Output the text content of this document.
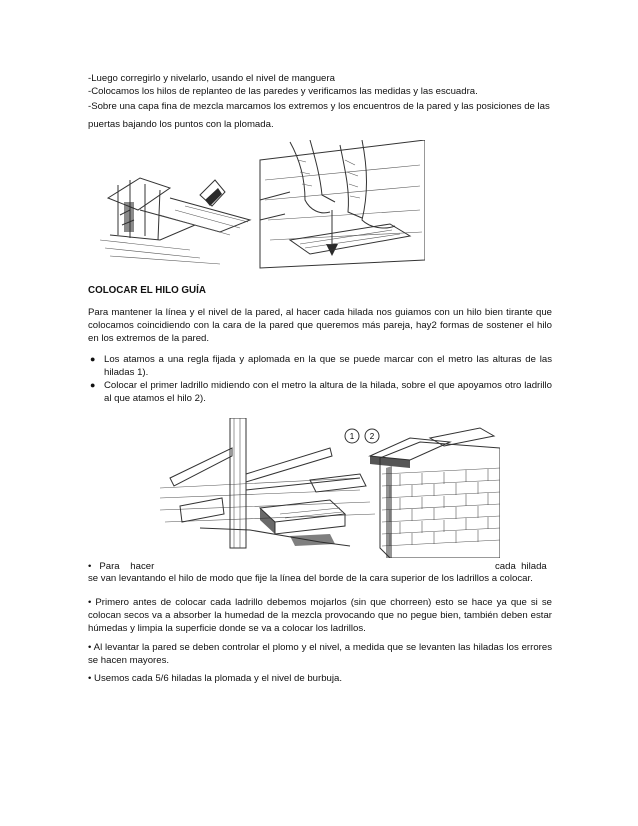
-Luego corregirlo y nivelarlo, usando el nivel de manguera
-Colocamos los hilos de replanteo de las paredes y verificamos las medidas y las escuadra.
-Sobre una capa fina de mezcla marcamos los extremos y los encuentros de la pared y las posiciones de las
puertas bajando los puntos con la plomada.
COLOCAR EL HILO GUÍA
Para mantener la línea y el nivel de la pared, al hacer cada hilada nos guiamos con un hilo bien tirante que colocamos coincidiendo con la cara de la pared que queremos más pareja, hay2 formas de sostener el hilo en los extremos de la pared.
● Los atamos a una regla fijada y aplomada en la que se puede marcar con el metro las alturas de las hiladas 1).
● Colocar el primer ladrillo midiendo con el metro la altura de la hilada, sobre el que apoyamos otro ladrillo al que atamos el hilo 2).
1 2
•   Para    hacer	cada  hilada
se van levantando el hilo de modo que fije la línea del borde de la cara superior de los ladrillos a colocar.
• Primero antes de colocar cada ladrillo debemos mojarlos (sin que chorreen) esto se hace ya que si se colocan secos va a absorber la humedad de la mezcla provocando que no pegue bien, también deben estar húmedas y limpia la superficie donde se va a colocar los ladrillos.
• Al levantar la pared se deben controlar el plomo y el nivel, a medida que se levanten las hiladas los errores se hacen mayores.
• Usemos cada 5/6 hiladas la plomada y el nivel de burbuja.
